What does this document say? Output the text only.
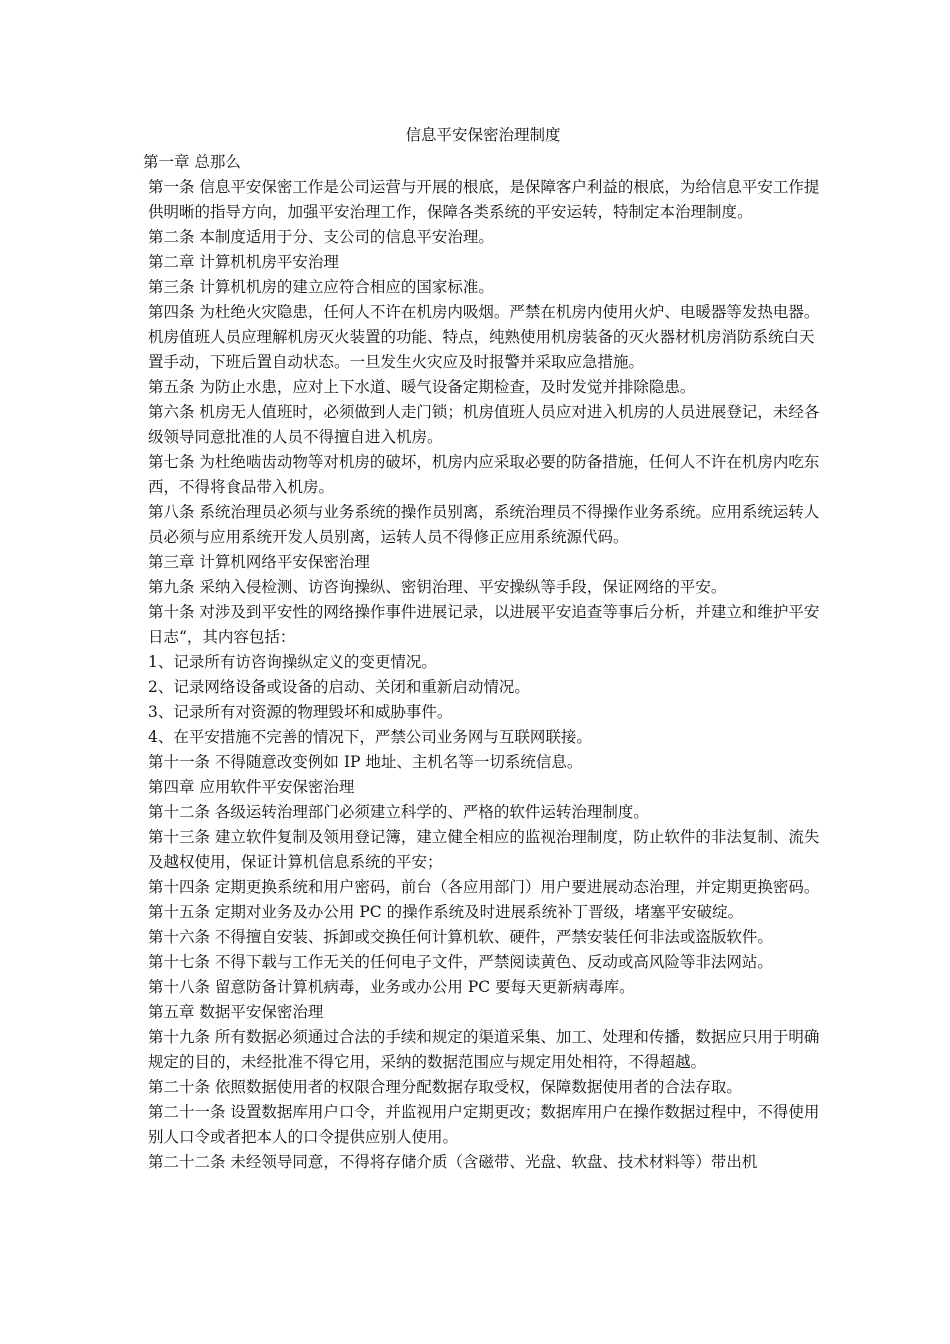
信息平安保密治理制度

第一章 总那么

第一条 信息平安保密工作是公司运营与开展的根底，是保障客户利益的根底，为给信息平安工作提供明晰的指导方向，加强平安治理工作，保障各类系统的平安运转，特制定本治理制度。

第二条 本制度适用于分、支公司的信息平安治理。

第二章 计算机机房平安治理

第三条 计算机机房的建立应符合相应的国家标准。

第四条 为杜绝火灾隐患，任何人不许在机房内吸烟。严禁在机房内使用火炉、电暖器等发热电器。机房值班人员应理解机房灭火装置的功能、特点，纯熟使用机房装备的灭火器材机房消防系统白天置手动，下班后置自动状态。一旦发生火灾应及时报警并采取应急措施。

第五条 为防止水患，应对上下水道、暖气设备定期检查，及时发觉并排除隐患。

第六条 机房无人值班时，必须做到人走门锁；机房值班人员应对进入机房的人员进展登记，未经各级领导同意批准的人员不得擅自进入机房。

第七条 为杜绝啮齿动物等对机房的破坏，机房内应采取必要的防备措施，任何人不许在机房内吃东西，不得将食品带入机房。

第八条 系统治理员必须与业务系统的操作员别离，系统治理员不得操作业务系统。应用系统运转人员必须与应用系统开发人员别离，运转人员不得修正应用系统源代码。

第三章 计算机网络平安保密治理

第九条 采纳入侵检测、访咨询操纵、密钥治理、平安操纵等手段，保证网络的平安。

第十条 对涉及到平安性的网络操作事件进展记录，以进展平安追查等事后分析，并建立和维护平安日志“，其内容包括：

1、记录所有访咨询操纵定义的变更情况。

2、记录网络设备或设备的启动、关闭和重新启动情况。

3、记录所有对资源的物理毁坏和威胁事件。

4、在平安措施不完善的情况下，严禁公司业务网与互联网联接。

第十一条 不得随意改变例如 IP 地址、主机名等一切系统信息。

第四章 应用软件平安保密治理

第十二条 各级运转治理部门必须建立科学的、严格的软件运转治理制度。

第十三条 建立软件复制及领用登记簿，建立健全相应的监视治理制度，防止软件的非法复制、流失及越权使用，保证计算机信息系统的平安；

第十四条 定期更换系统和用户密码，前台（各应用部门）用户要进展动态治理，并定期更换密码。

第十五条 定期对业务及办公用 PC 的操作系统及时进展系统补丁晋级，堵塞平安破绽。

第十六条 不得擅自安装、拆卸或交换任何计算机软、硬件，严禁安装任何非法或盗版软件。

第十七条 不得下载与工作无关的任何电子文件，严禁阅读黄色、反动或高风险等非法网站。

第十八条 留意防备计算机病毒，业务或办公用 PC 要每天更新病毒库。

第五章 数据平安保密治理

第十九条 所有数据必须通过合法的手续和规定的渠道采集、加工、处理和传播，数据应只用于明确规定的目的，未经批准不得它用，采纳的数据范围应与规定用处相符，不得超越。

第二十条 依照数据使用者的权限合理分配数据存取受权，保障数据使用者的合法存取。

第二十一条 设置数据库用户口令，并监视用户定期更改；数据库用户在操作数据过程中，不得使用别人口令或者把本人的口令提供应别人使用。

第二十二条 未经领导同意，不得将存储介质（含磁带、光盘、软盘、技术材料等）带出机
